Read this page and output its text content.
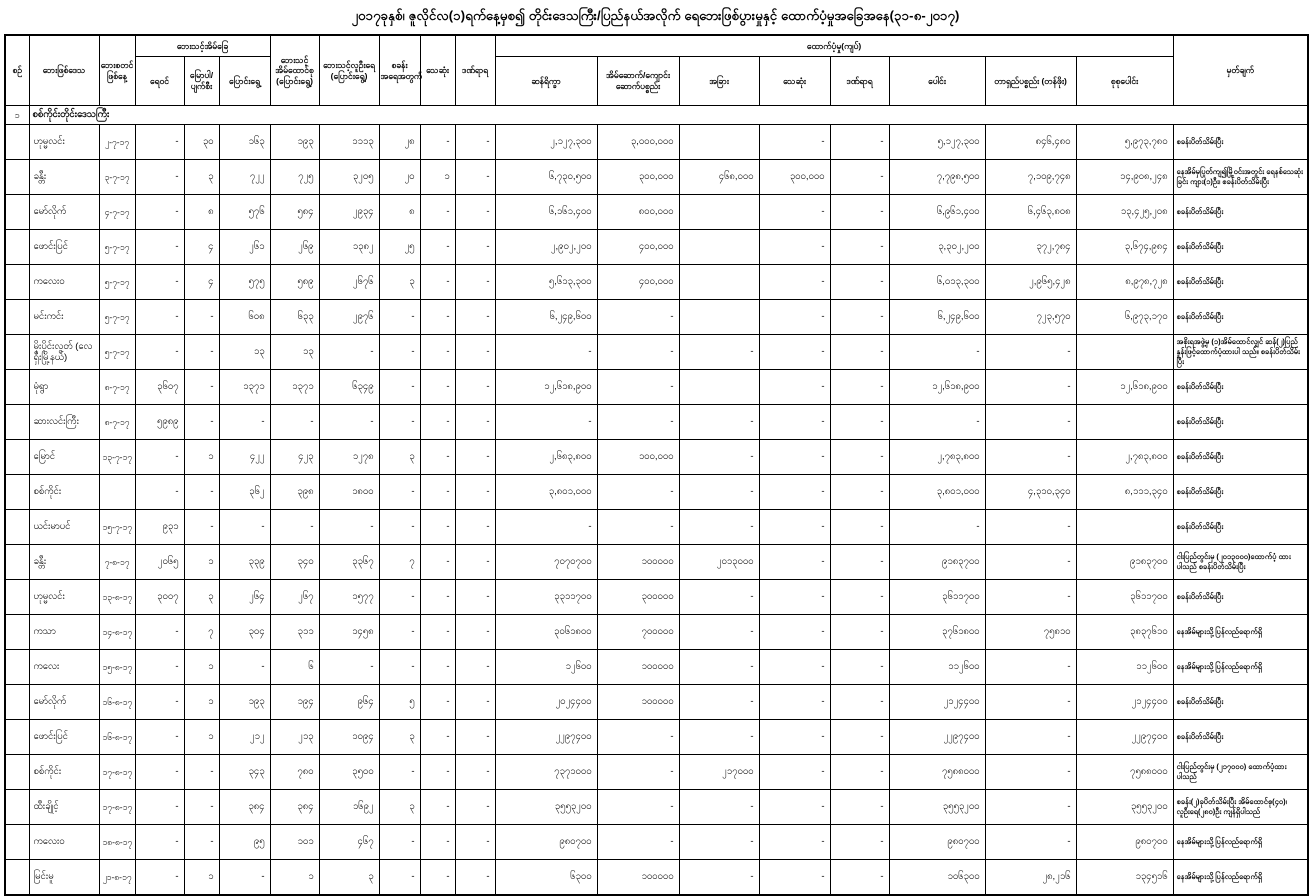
၂၀၁၇ခုနှစ်၊ ဇူလိုင်လ(၁)ရက်နေ့မှစ၍ တိုင်းဒေသကြီး/ပြည်နယ်အလိုက် ရေဘေးဖြစ်ပွားမှုနှင့် ထောက်ပံ့မှုအခြေအနေ(၃၁-၈-၂၀၁၇)
စဥ်	ဘေးဖြစ်ဒေသ	ဘေးစတင်ဖြစ်နေ့	ဘေးသင့်အိမ်ခြေ			ဘေးသင့်အိမ်ထောင်စု (ပြောင်းရွေ့)	ဘေးသင့်လူဦးရေ (ပြောင်းရွေ့)	စခန်းအရေအတွက်	သေဆုံး	ဒဏ်ရာရ	ထောက်ပံ့မှု(ကျပ်)								မှတ်ချက်
			ရေဝင်	မြောပါ/ပျက်စီး	ပြောင်းရွေ့						ဆန်ရိက္ခာ	အိမ်ဆောက်/ကျောင်းဆောက်ပစ္စည်း	အခြား	သေဆုံး	ဒဏ်ရာရ	ပေါင်း	တာရှည်ပစ္စည်း (တန်ဖိုး)	စုစုပေါင်း	
၁	စစ်ကိုင်းတိုင်းဒေသကြီး																		
	ဟုမ္မလင်း	၂-၇-၁၇	-	၃၀	၁၆၃	၁၉၃	၁၁၁၃	၂၈	-	-	၂,၁၂၇,၃၀၀	၃,၀၀၀,၀၀၀		-	-	၅,၁၂၇,၃၀၀	၈၄၆,၄၈၀	၅,၉၇၃,၇၈၀	စခန်းပိတ်သိမ်းပြီး
	ခန္တီး	၃-၇-၁၇	-	၃	၇၂၂	၇၂၅	၃၂၀၅	၂၀	၁	-	၆,၇၃၀,၅၀၀	၃၀၀,၀၀၀	၄၆၈,၀၀၀	၃၀၀,၀၀၀	-	၇,၇၉၈,၅၀၀	၇,၁၀၉,၇၄၈	၁၄,၉၀၈,၂၄၈	နေအိမ်မှပြုတ်ကျ၍မြို့ဝင်းအတွင်း ရေနစ်သေဆုံးခြင်း ကျား(၁)ဦး၊ စခန်းပိတ်သိမ်းပြီး
	မော်လိုက်	၄-၇-၁၇	-	၈	၅၇၆	၅၈၄	၂၉၃၄	၈	-	-	၆,၁၆၁,၄၀၀	၈၀၀,၀၀၀		-	-	၆,၉၆၁,၄၀၀	၆,၄၆၃,၈၀၈	၁၃,၄၂၅,၂၀၈	စခန်းပိတ်သိမ်းပြီး
	ဖောင်းပြင်	၅-၇-၁၇	-	၄	၂၆၁	၂၆၉	၁၃၈၂	၂၅	-	-	၂,၉၀၂,၂၀၀	၄၀၀,၀၀၀		-	-	၃,၃၀၂,၂၀၀	၃၇၂,၇၈၄	၃,၆၇၄,၉၈၄	စခန်းပိတ်သိမ်းပြီး
	ကလေးဝ	၅-၇-၁၇	-	၄	၅၇၅	၅၈၉	၂၆၇၆	၃	-	-	၅,၆၁၃,၃၀၀	၄၀၀,၀၀၀		-	-	၆,၀၁၃,၃၀၀	၂,၉၆၅,၄၂၈	၈,၉၇၈,၇၂၈	စခန်းပိတ်သိမ်းပြီး
	မင်းကင်း	၅-၇-၁၇	-	-	၆၀၈	၆၃၃	၂၉၇၆	-	-	-	၆,၂၄၉,၆၀၀	-		-	-	၆,၂၄၉,၆၀၀	၇၂၃,၅၇၀	၆,၉၇၃,၁၇၀	စခန်းပိတ်သိမ်းပြီး
	မိုးပိုင်းလွတ် (လေရှီးမြို့နယ်)	၅-၇-၁၇	-	-	၁၃	၁၃	-	-	-	-	-	-	-	-	-	-	-		အစိုးရအဖွဲ့မှ (၁)အိမ်ထောင်လျှင် ဆန်(၂)ပြည်နှုန်းဖြင့်ထောက်ပံ့ထားပါ သည်။ စခန်းပိတ်သိမ်းပြီး
	မုံရွာ	၈-၇-၁၇	၃၆၀၇	-	၁၃၇၁	၁၃၇၁	၆၃၄၉	-	-	-	၁၂,၆၁၈,၉၀၀	-		-	-	၁၂,၆၁၈,၉၀၀	-	၁၂,၆၁၈,၉၀၀	စခန်းပိတ်သိမ်းပြီး
	ဆားလင်းကြီး	၈-၇-၁၇	၅၉၈၉	-	-	-	-	-	-	-	-	-	-	-	-	-	-		စခန်းပိတ်သိမ်းပြီး
	မြောင်	၁၃-၇-၁၇	-	၁	၄၂၂	၄၂၃	၁၂၇၈	၃	-	-	၂,၆၈၃,၈၀၀	၁၀၀,၀၀၀	-	-	-	၂,၇၈၃,၈၀၀	-	၂,၇၈၃,၈၀၀	စခန်းပိတ်သိမ်းပြီး
	စစ်ကိုင်း		-	-	၃၆၂	၃၉၈	၁၈၀၀	-	-	-	၃,၈၀၁,၀၀၀	-	-	-	-	၃,၈၀၁,၀၀၀	၄,၃၁၀,၃၄၀	၈,၁၁၁,၃၄၀	စခန်းပိတ်သိမ်းပြီး
	ယင်းမာပင်	၁၅-၇-၁၇	၉၃၁	-	-	-	-	-	-	-	-	-	-	-	-	-	-		စခန်းပိတ်သိမ်းပြီး
	ခန္တီး	၇-၈-၁၇	၂၀၆၅	၁	၃၃၉	၃၄၀	၃၃၆၇	၇	-	-	၇၀၇၀၇၀၀	၁၀၀၀၀၀	၂၀၁၃၀၀၀	-	-	၉၁၈၃၇၀၀	-	၉၁၈၃၇၀၀	ငါးပြည်တွင်းမှ (၂၀၁၃၀၀၀)ထောက်ပံ့ ထားပါသည် စခန်းပိတ်သိမ်းပြီး
	ဟုမ္မလင်း	၁၃-၈-၁၇	၃၀၀၇	၃	၂၆၄	၂၆၇	၁၅၇၇	-	-	-	၃၃၁၁၇၀၀	၃၀၀၀၀၀	-	-	-	၃၆၁၁၇၀၀	-	၃၆၁၁၇၀၀	စခန်းပိတ်သိမ်းပြီး
	ကသာ	၁၄-၈-၁၇	-	၇	၃၀၄	၃၁၁	၁၄၅၈	-	-	-	၃၀၆၁၈၀၀	၇၀၀၀၀၀	-	-	-	၃၇၆၁၈၀၀	၇၅၈၁၀	၃၈၃၇၆၁၀	နေအိမ်များသို့ပြန်လည်ရောက်ရှိ
	ကလေး	၁၅-၈-၁၇	-	၁	-	၆	-	-	-	-	၁၂၆၀၀	၁၀၀၀၀၀	-	-	-	၁၁၂၆၀၀	-	၁၁၂၆၀၀	နေအိမ်များသို့ပြန်လည်ရောက်ရှိ
	မော်လိုက်	၁၆-၈-၁၇	-	၁	၁၉၃	၁၉၄	၉၆၄	၅	-	-	၂၀၂၄၄၀၀	၁၀၀၀၀၀	-	-	-	၂၁၂၄၄၀၀	-	၂၁၂၄၄၀၀	စခန်းပိတ်သိမ်းပြီး
	ဖောင်းပြင်	၁၆-၈-၁၇	-	၁	၂၁၂	၂၁၃	၁၀၉၄	၃	-	-	၂၂၉၇၄၀၀	-	-	-	-	၂၂၉၇၄၀၀	-	၂၂၉၇၄၀၀	စခန်းပိတ်သိမ်းပြီး
	စစ်ကိုင်း	၁၇-၈-၁၇	-	-	၃၄၃	၇၈၀	၃၅၀၀	-	-	-	၇၃၇၁၀၀၀	-	၂၁၇၀၀၀	-	-	၇၅၈၈၀၀၀	-	၇၅၈၈၀၀၀	ငါးပြည်တွင်းမှ (၂၁၇၀၀၀) ထောက်ပံ့ထားပါသည်
	ထီးချိုင့်	၁၇-၈-၁၇	-	-	၃၈၄	၃၈၄	၁၆၉၂	၃	-	-	၃၅၅၃၂၀၀	-	-	-	-	၃၅၅၃၂၀၀	-	၃၅၅၃၂၀၀	စခန်း(၂)ခုပိတ်သိမ်းပြီး အိမ်ထောင်စု(၄၀)၊ လူဦးရေ(၂၈၀)ဦး ကျန်ရှိပါသည်
	ကလေးဝ	၁၈-၈-၁၇	-	-	၉၅	၁၀၁	၄၆၇	-	-	-	၉၈၀၇၀၀	-	-	-	-	၉၈၀၇၀၀	-	၉၈၀၇၀၀	နေအိမ်များသို့ပြန်လည်ရောက်ရှိ
	မြင်းမူ	၂၁-၈-၁၇	-	၁	-	၁	၃	-	-	-	၆၃၀၀	၁၀၀၀၀၀	-	-	-	၁၀၆၃၀၀	၂၈,၂၁၆	၁၃၄၅၁၆	နေအိမ်များသို့ပြန်လည်ရောက်ရှိ
